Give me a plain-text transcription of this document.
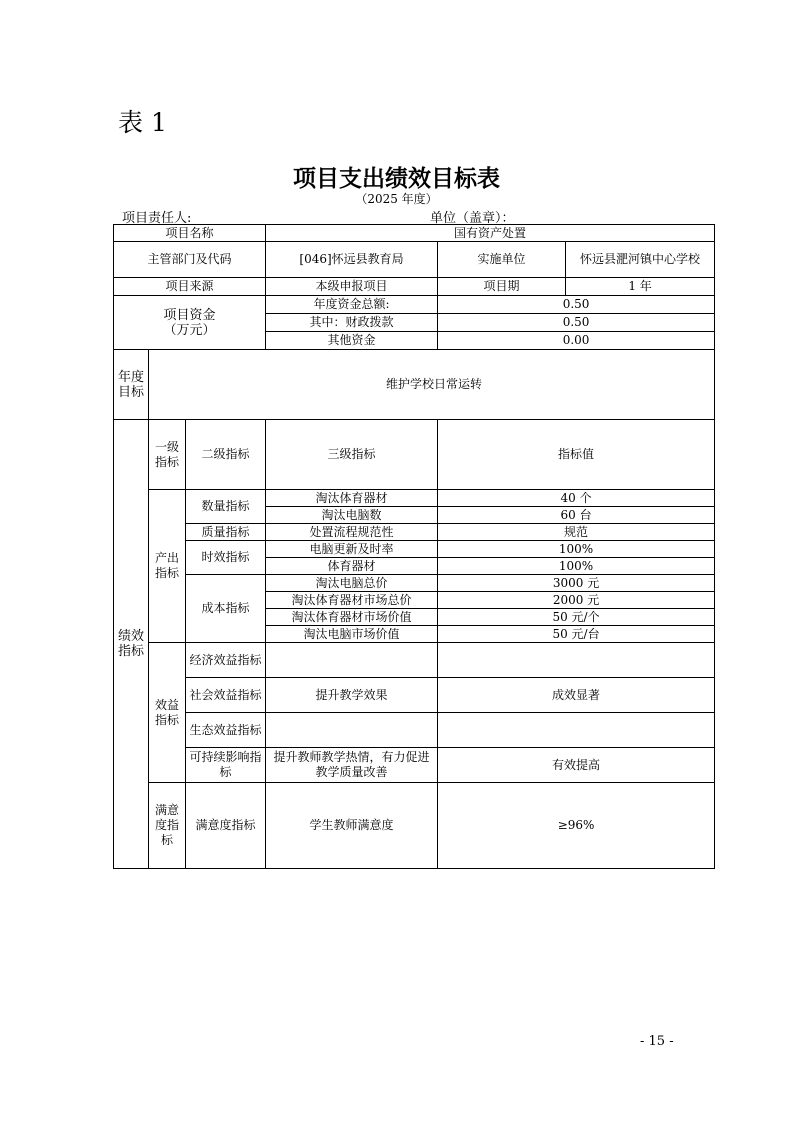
表 1
项目支出绩效目标表
（2025 年度）
项目责任人:	单位（盖章）：
项目名称			国有资产处置		
主管部门及代码			[046]怀远县教育局	实施单位	怀远县淝河镇中心学校
项目来源			本级申报项目	项目期	1 年
项目资金
（万元）			年度资金总额:	0.50	
			其中：财政拨款	0.50	
			其他资金	0.00	
年度目标	维护学校日常运转				
绩效指标	一级指标	二级指标	三级指标	指标值	
	产出指标	数量指标	淘汰体育器材	40 个	
			淘汰电脑数	60 台	
		质量指标	处置流程规范性	规范	
		时效指标	电脑更新及时率	100%	
			体育器材	100%	
		成本指标	淘汰电脑总价	3000 元	
			淘汰体育器材市场总价	2000 元	
			淘汰体育器材市场价值	50 元/个	
			淘汰电脑市场价值	50 元/台	
	效益指标	经济效益指标			
		社会效益指标	提升教学效果	成效显著	
		生态效益指标			
		可持续影响指标	提升教师教学热情，有力促进教学质量改善	有效提高	
	满意度指标	满意度指标	学生教师满意度	≥96%	
- 15 -
